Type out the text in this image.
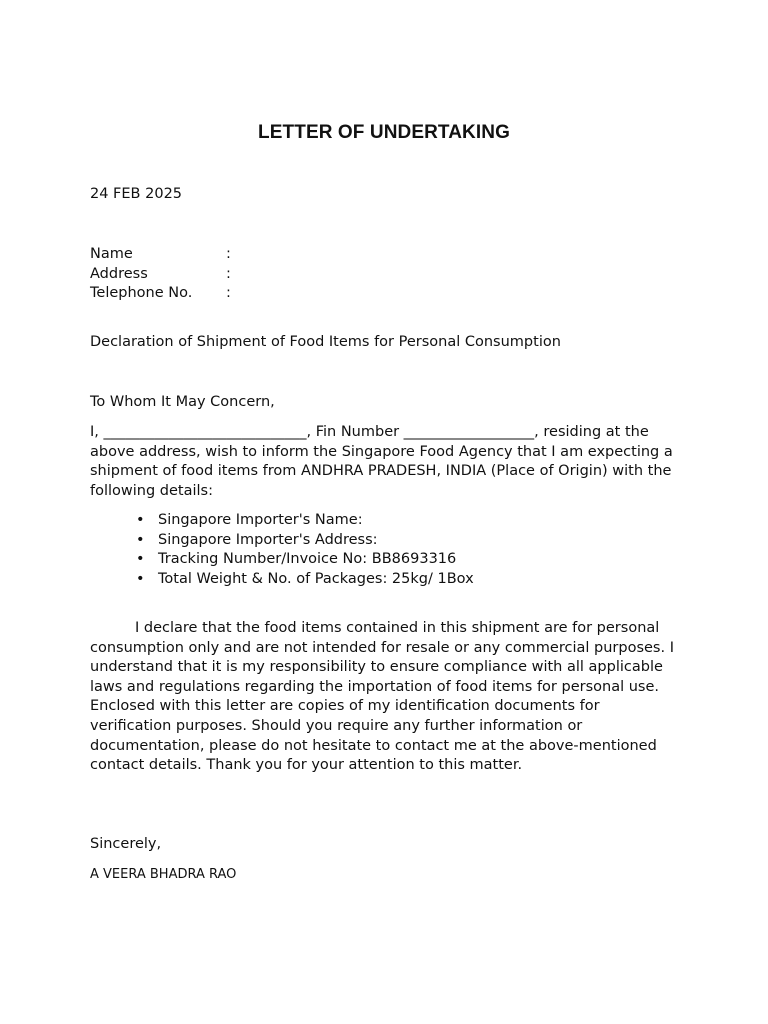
LETTER OF UNDERTAKING
24 FEB 2025
Name	:
Address	:
Telephone No.	:
Declaration of Shipment of Food Items for Personal Consumption
To Whom It May Concern,
I, ____________________________, Fin Number __________________, residing at the above address, wish to inform the Singapore Food Agency that I am expecting a shipment of food items from ANDHRA PRADESH, INDIA (Place of Origin) with the following details:
• Singapore Importer's Name:
• Singapore Importer's Address:
• Tracking Number/Invoice No: BB8693316
• Total Weight & No. of Packages: 25kg/ 1Box
I declare that the food items contained in this shipment are for personal consumption only and are not intended for resale or any commercial purposes. I understand that it is my responsibility to ensure compliance with all applicable laws and regulations regarding the importation of food items for personal use. Enclosed with this letter are copies of my identification documents for verification purposes. Should you require any further information or documentation, please do not hesitate to contact me at the above-mentioned contact details. Thank you for your attention to this matter.
Sincerely,
A VEERA BHADRA RAO
